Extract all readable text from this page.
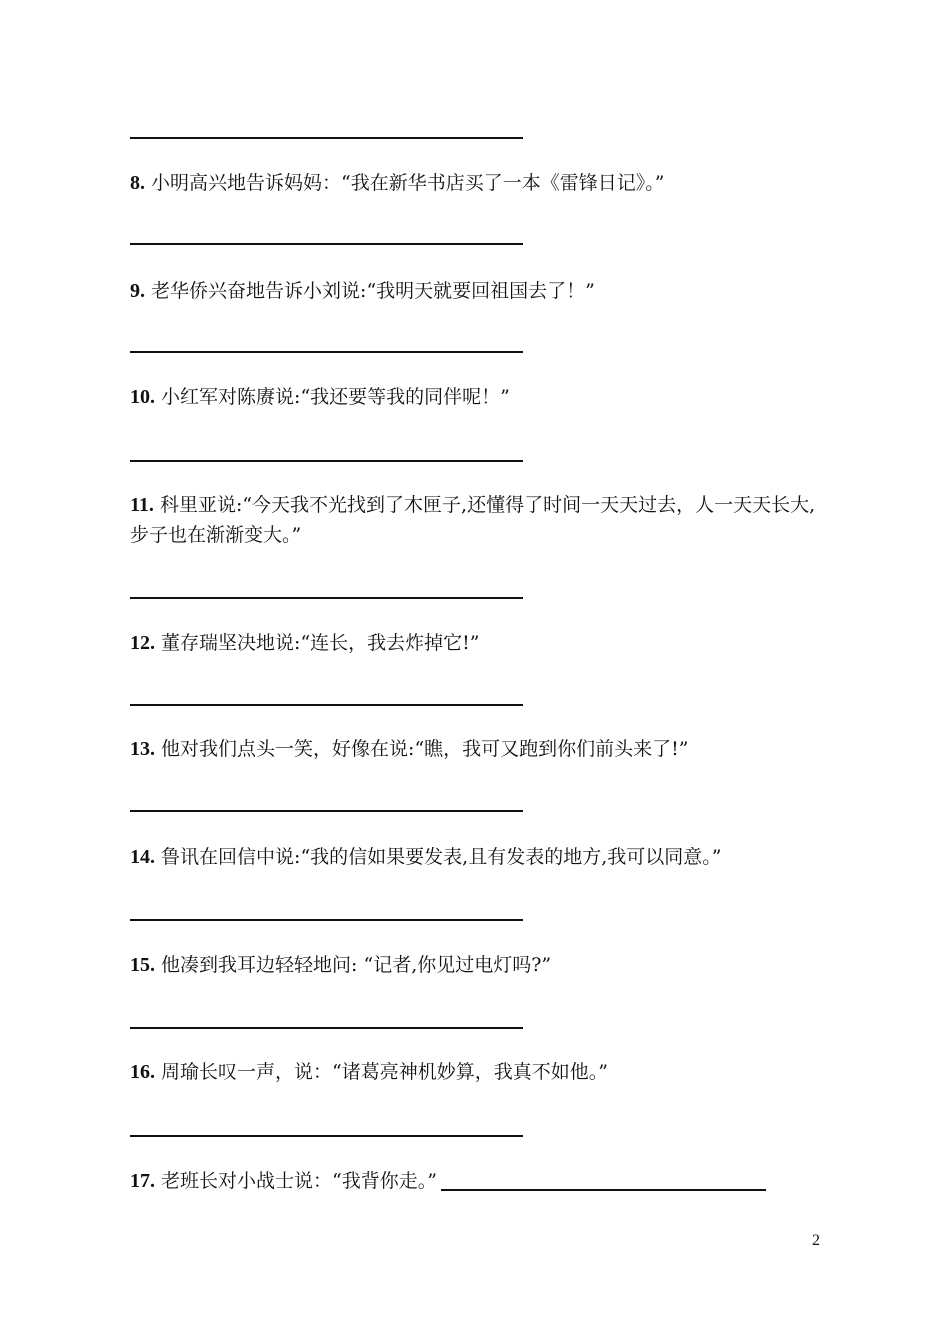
8. 小明高兴地告诉妈妈：“我在新华书店买了一本《雷锋日记》。”
9. 老华侨兴奋地告诉小刘说:“我明天就要回祖国去了！”
10. 小红军对陈赓说:“我还要等我的同伴呢！”
11. 科里亚说:“今天我不光找到了木匣子,还懂得了时间一天天过去，人一天天长大,步子也在渐渐变大。”
12. 董存瑞坚决地说:“连长，我去炸掉它!”
13. 他对我们点头一笑，好像在说:“瞧，我可又跑到你们前头来了!”
14. 鲁讯在回信中说:“我的信如果要发表,且有发表的地方,我可以同意。”
15. 他凑到我耳边轻轻地问: “记者,你见过电灯吗?”
16. 周瑜长叹一声，说：“诸葛亮神机妙算，我真不如他。”
17. 老班长对小战士说：“我背你走。”
2
